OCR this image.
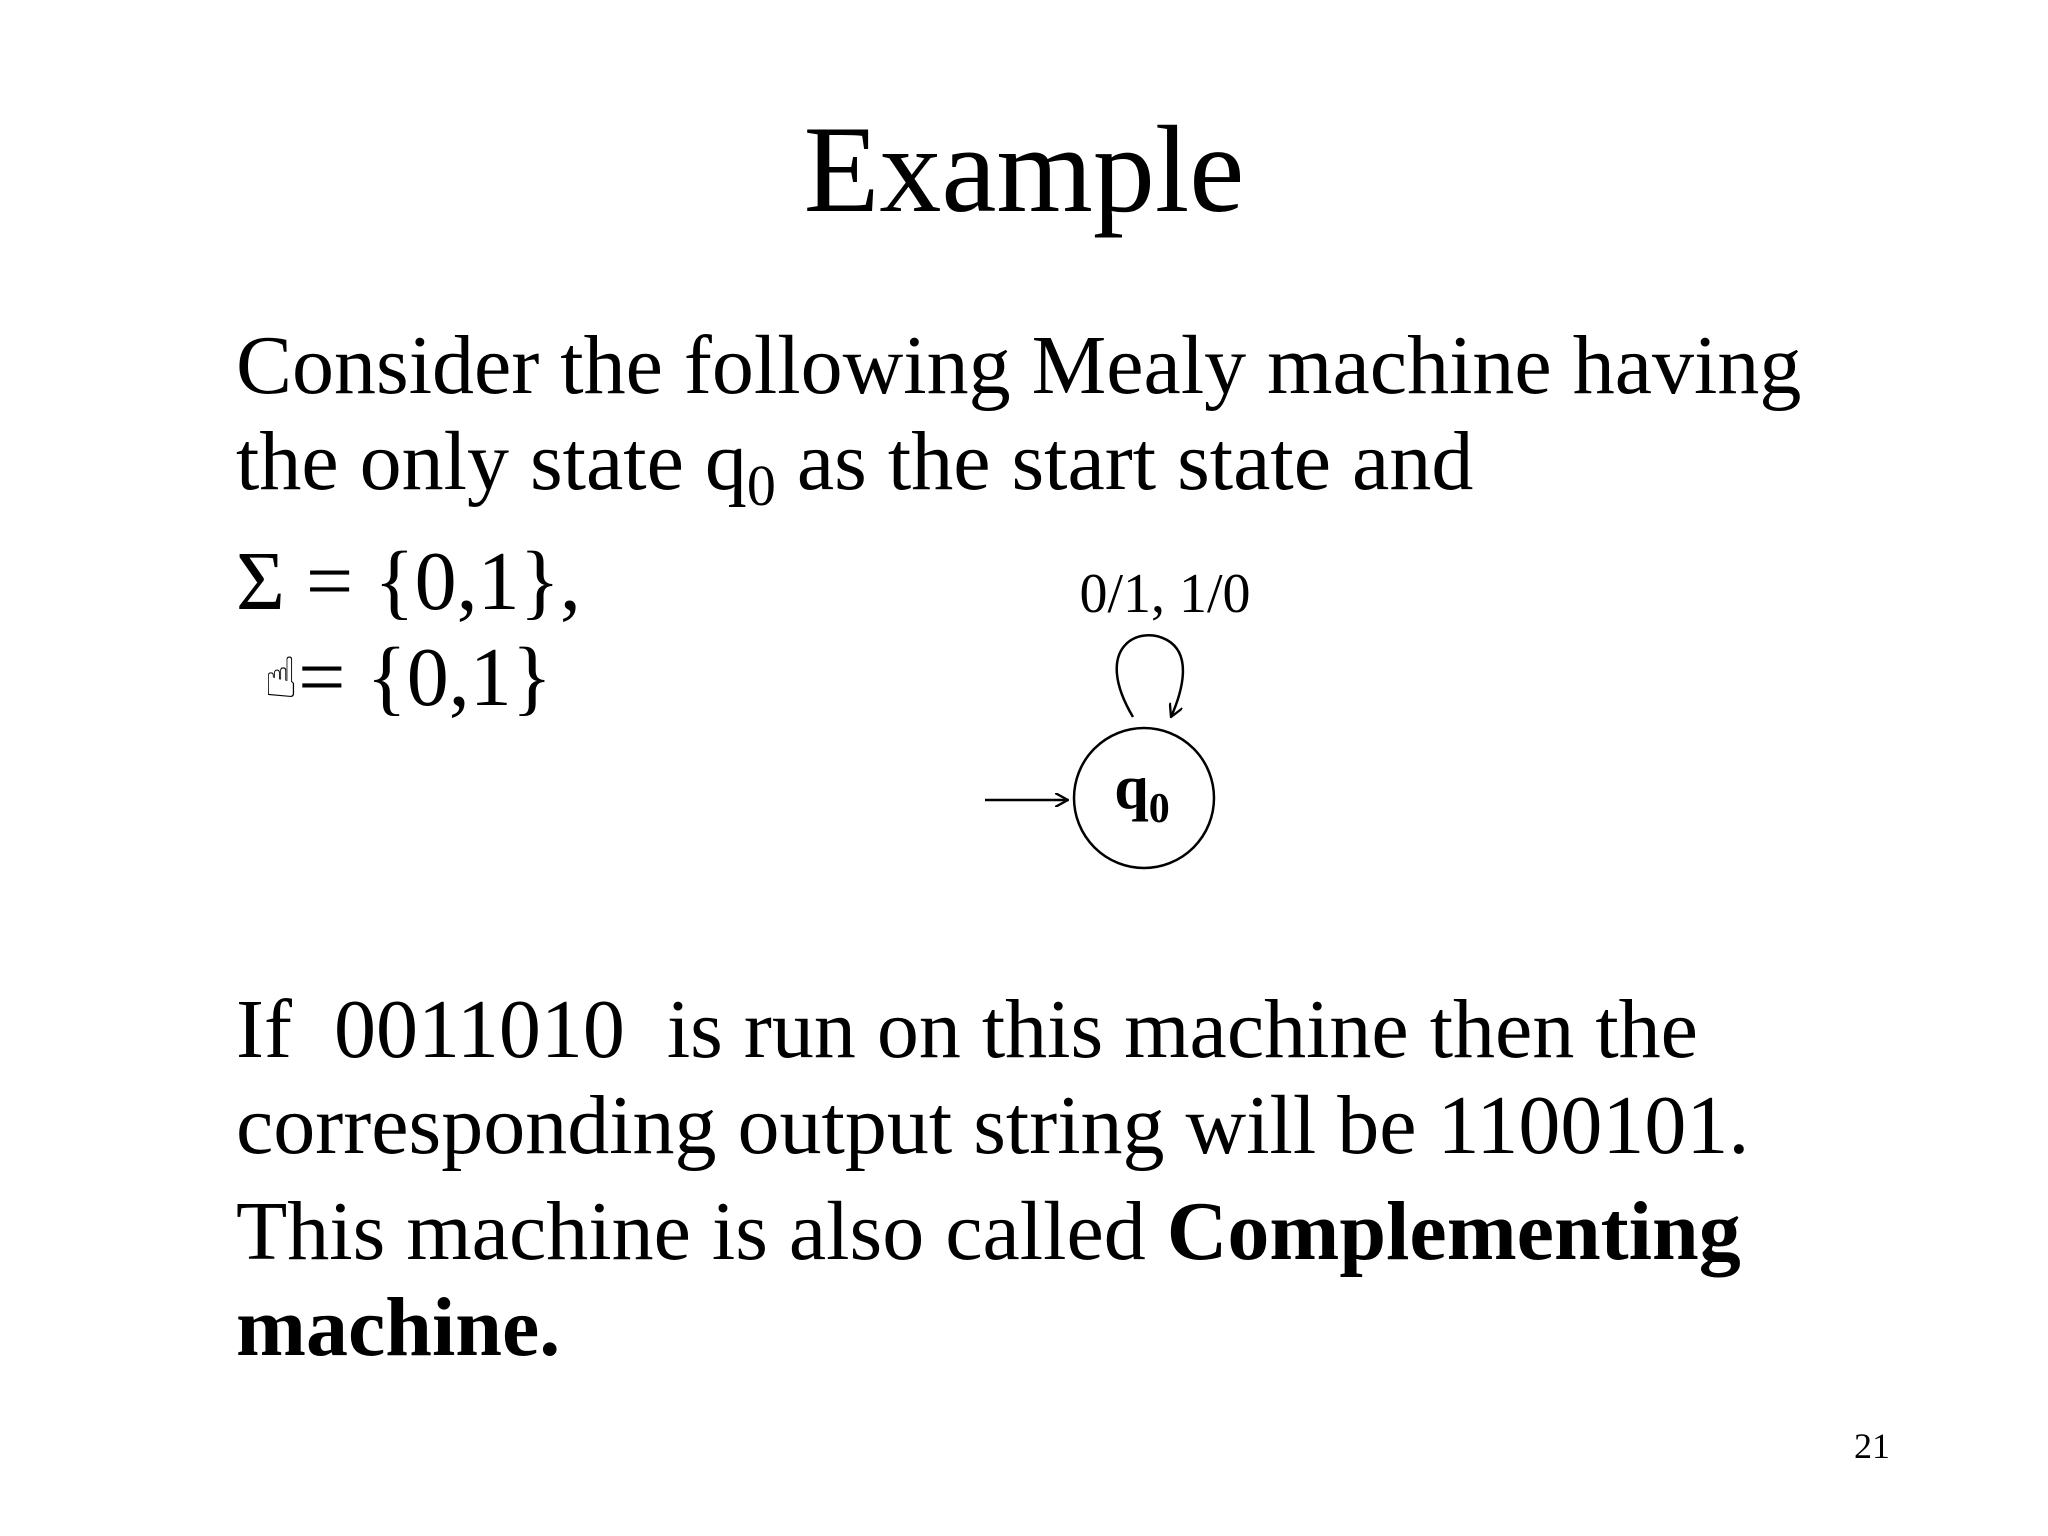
Example
Consider the following Mealy machine having
the only state $q_0$ as the start state and
Σ = {0,1},
☝= {0,1}
0/1, 1/0
$q_0$
If  0011010  is run on this machine then the
corresponding output string will be 1100101.
This machine is also called Complementing
machine.
21
